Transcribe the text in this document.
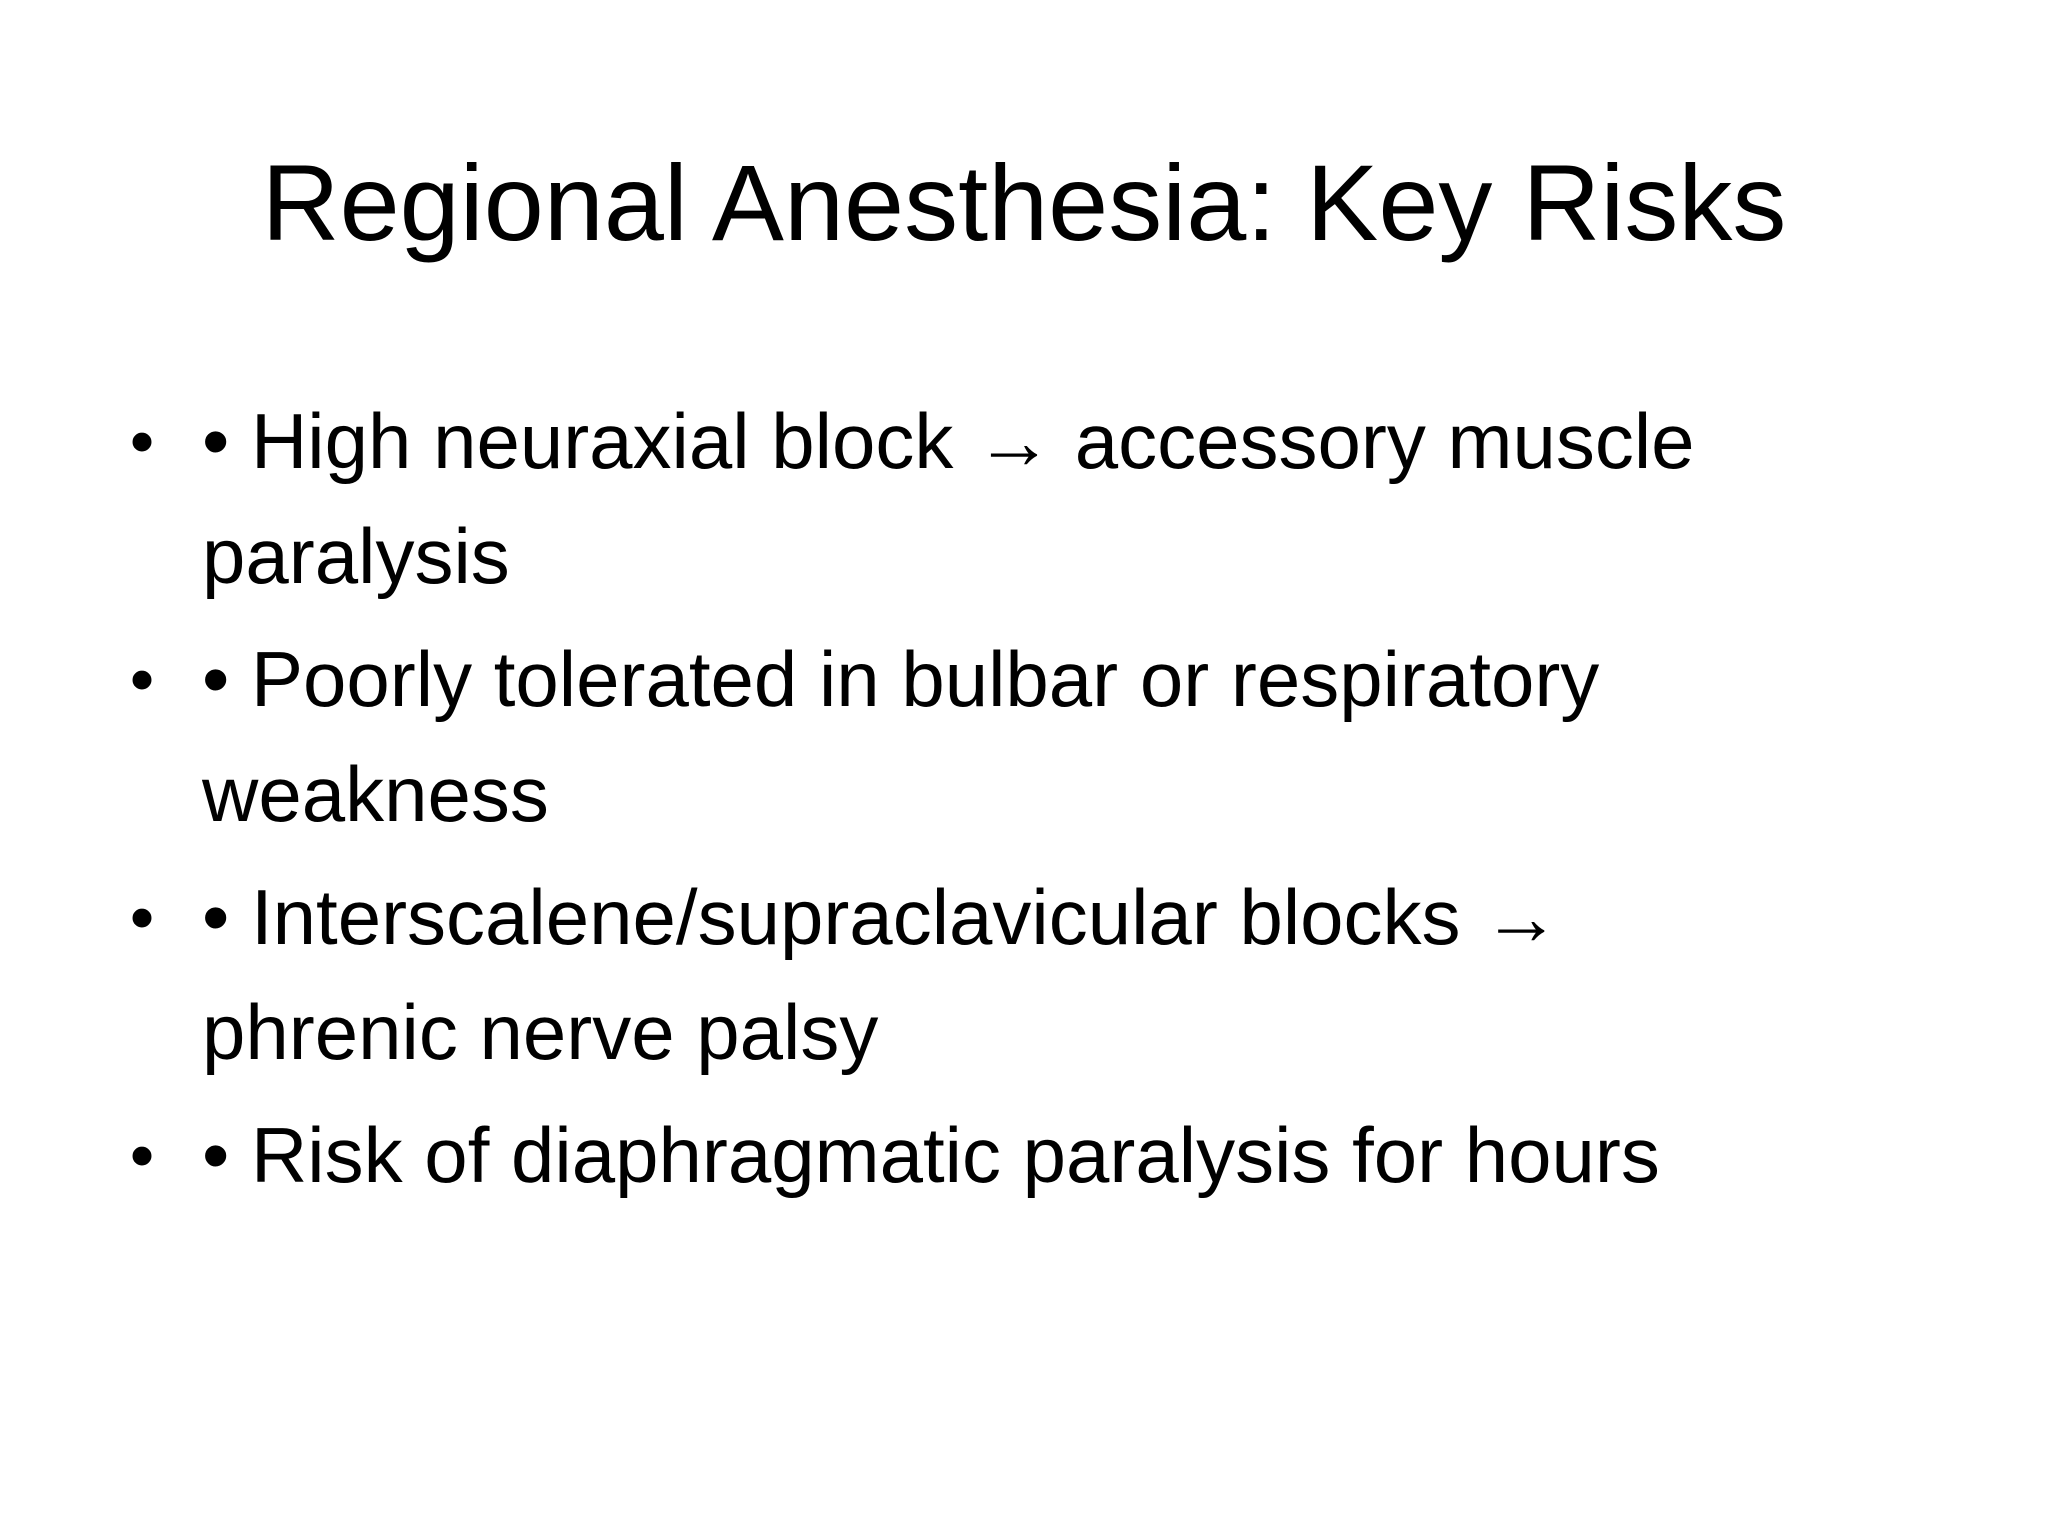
Regional Anesthesia: Key Risks
• • High neuraxial block → accessory muscle paralysis
• • Poorly tolerated in bulbar or respiratory weakness
• • Interscalene/supraclavicular blocks → phrenic nerve palsy
• • Risk of diaphragmatic paralysis for hours
